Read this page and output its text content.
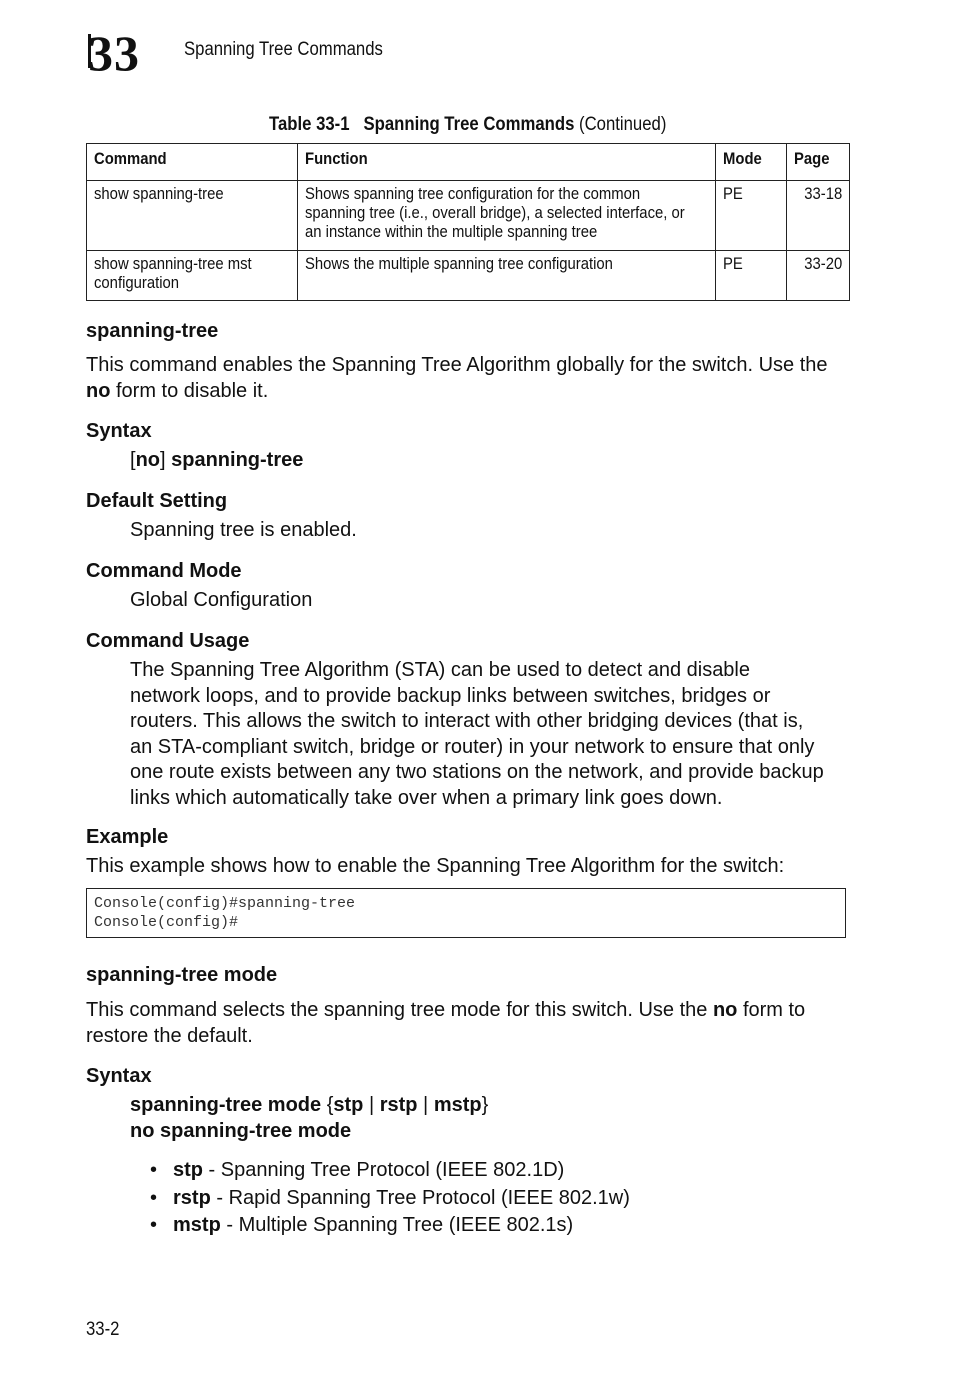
33 Spanning Tree Commands
Table 33-1 Spanning Tree Commands (Continued)
Command	Function	Mode	Page

show spanning-tree	Shows spanning tree configuration for the common
spanning tree (i.e., overall bridge), a selected interface, or
an instance within the multiple spanning tree	PE	33-18

show spanning-tree mst
configuration	Shows the multiple spanning tree configuration	PE	33-20
spanning-tree
This command enables the Spanning Tree Algorithm globally for the switch. Use the
no form to disable it.
Syntax
[no] spanning-tree
Default Setting
Spanning tree is enabled.
Command Mode
Global Configuration
Command Usage
The Spanning Tree Algorithm (STA) can be used to detect and disable
network loops, and to provide backup links between switches, bridges or
routers. This allows the switch to interact with other bridging devices (that is,
an STA-compliant switch, bridge or router) in your network to ensure that only
one route exists between any two stations on the network, and provide backup
links which automatically take over when a primary link goes down.
Example
This example shows how to enable the Spanning Tree Algorithm for the switch:
Console(config)#spanning-tree
Console(config)#
spanning-tree mode
This command selects the spanning tree mode for this switch. Use the no form to
restore the default.
Syntax
spanning-tree mode {stp | rstp | mstp}
no spanning-tree mode
• stp - Spanning Tree Protocol (IEEE 802.1D)
• rstp - Rapid Spanning Tree Protocol (IEEE 802.1w)
• mstp - Multiple Spanning Tree (IEEE 802.1s)
33-2
